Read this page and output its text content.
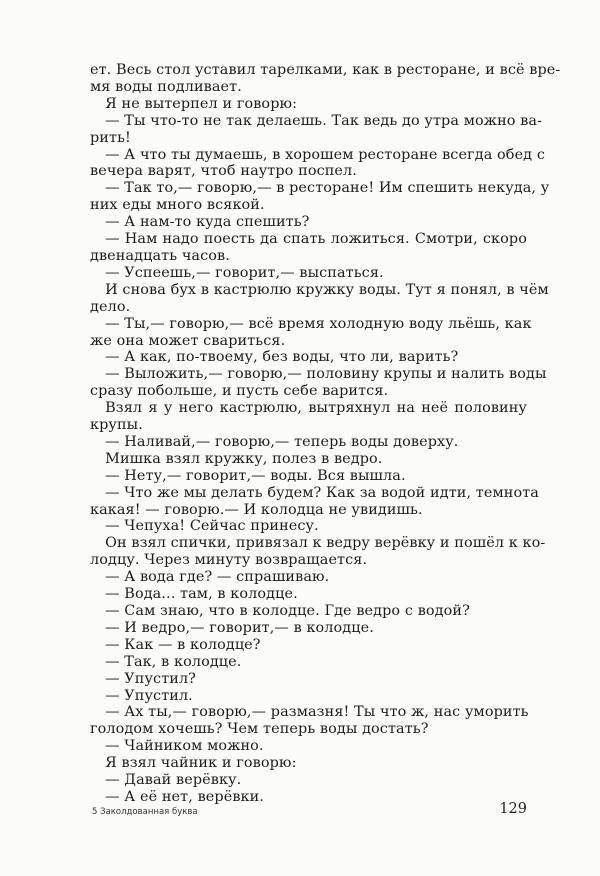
ет. Весь стол уставил тарелками, как в ресторане, и всё вре-
мя воды подливает.
Я не вытерпел и говорю:
— Ты что-то не так делаешь. Так ведь до утра можно ва-
рить!
— А что ты думаешь, в хорошем ресторане всегда обед с
вечера варят, чтоб наутро поспел.
— Так то,— говорю,— в ресторане! Им спешить некуда, у
них еды много всякой.
— А нам-то куда спешить?
— Нам надо поесть да спать ложиться. Смотри, скоро
двенадцать часов.
— Успеешь,— говорит,— выспаться.
И снова бух в кастрюлю кружку воды. Тут я понял, в чём
дело.
— Ты,— говорю,— всё время холодную воду льёшь, как
же она может свариться.
— А как, по-твоему, без воды, что ли, варить?
— Выложить,— говорю,— половину крупы и налить воды
сразу побольше, и пусть себе варится.
Взял я у него кастрюлю, вытряхнул на неё половину
крупы.
— Наливай,— говорю,— теперь воды доверху.
Мишка взял кружку, полез в ведро.
— Нету,— говорит,— воды. Вся вышла.
— Что же мы делать будем? Как за водой идти, темнота
какая! — говорю.— И колодца не увидишь.
— Чепуха! Сейчас принесу.
Он взял спички, привязал к ведру верёвку и пошёл к ко-
лодцу. Через минуту возвращается.
— А вода где? — спрашиваю.
— Вода... там, в колодце.
— Сам знаю, что в колодце. Где ведро с водой?
— И ведро,— говорит,— в колодце.
— Как — в колодце?
— Так, в колодце.
— Упустил?
— Упустил.
— Ах ты,— говорю,— размазня! Ты что ж, нас уморить
голодом хочешь? Чем теперь воды достать?
— Чайником можно.
Я взял чайник и говорю:
— Давай верёвку.
— А её нет, верёвки.
5 Заколдованная буква	129
